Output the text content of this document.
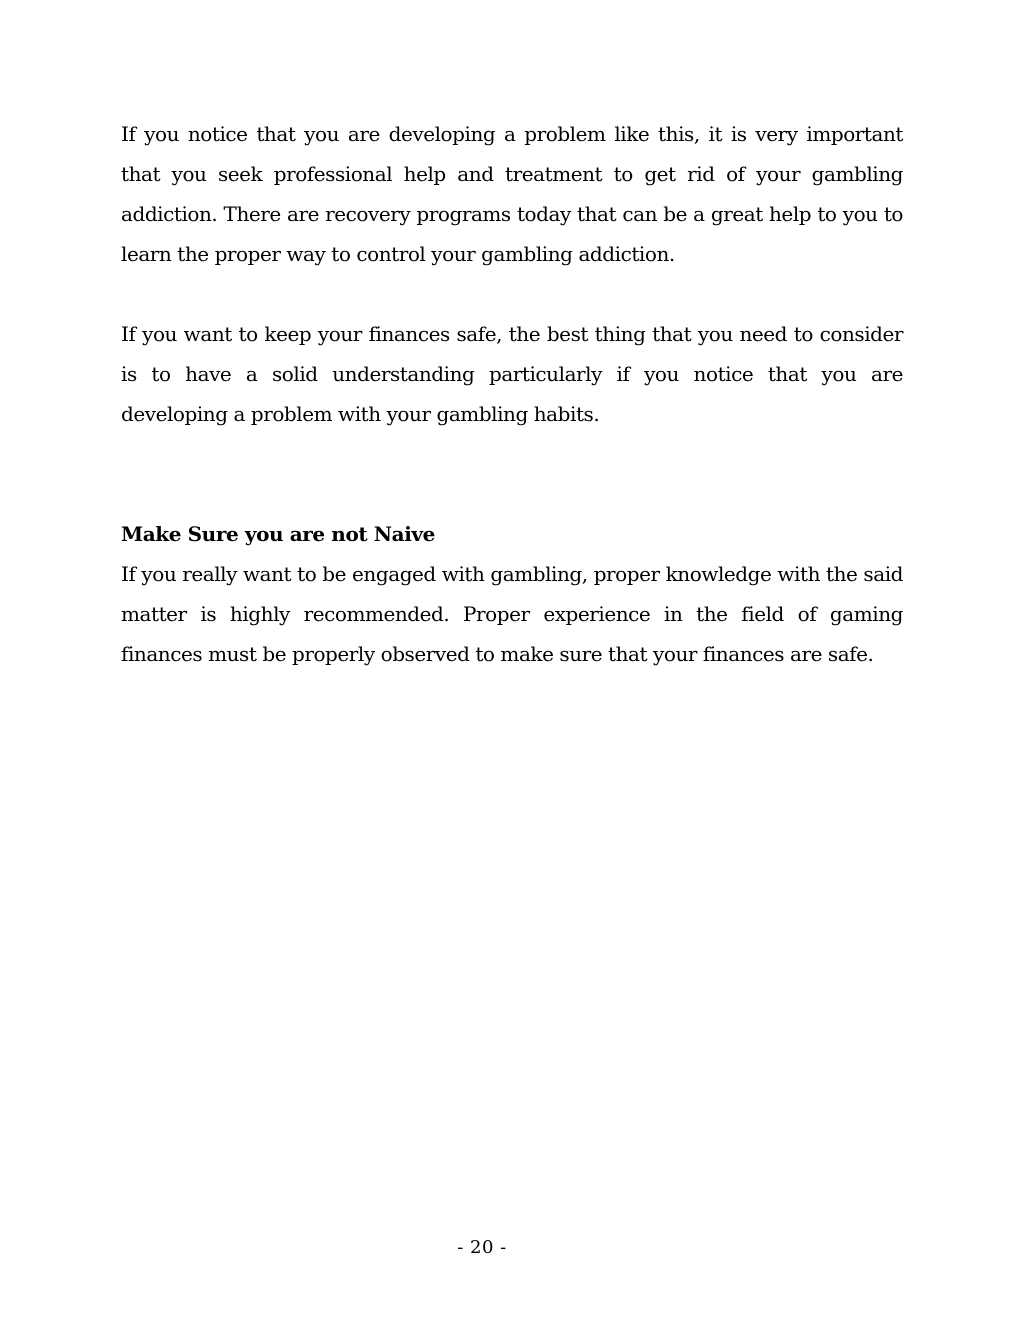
If you notice that you are developing a problem like this, it is very important that you seek professional help and treatment to get rid of your gambling addiction. There are recovery programs today that can be a great help to you to learn the proper way to control your gambling addiction.

If you want to keep your finances safe, the best thing that you need to consider is to have a solid understanding particularly if you notice that you are developing a problem with your gambling habits.

Make Sure you are not Naive

If you really want to be engaged with gambling, proper knowledge with the said matter is highly recommended. Proper experience in the field of gaming finances must be properly observed to make sure that your finances are safe.

- 20 -
